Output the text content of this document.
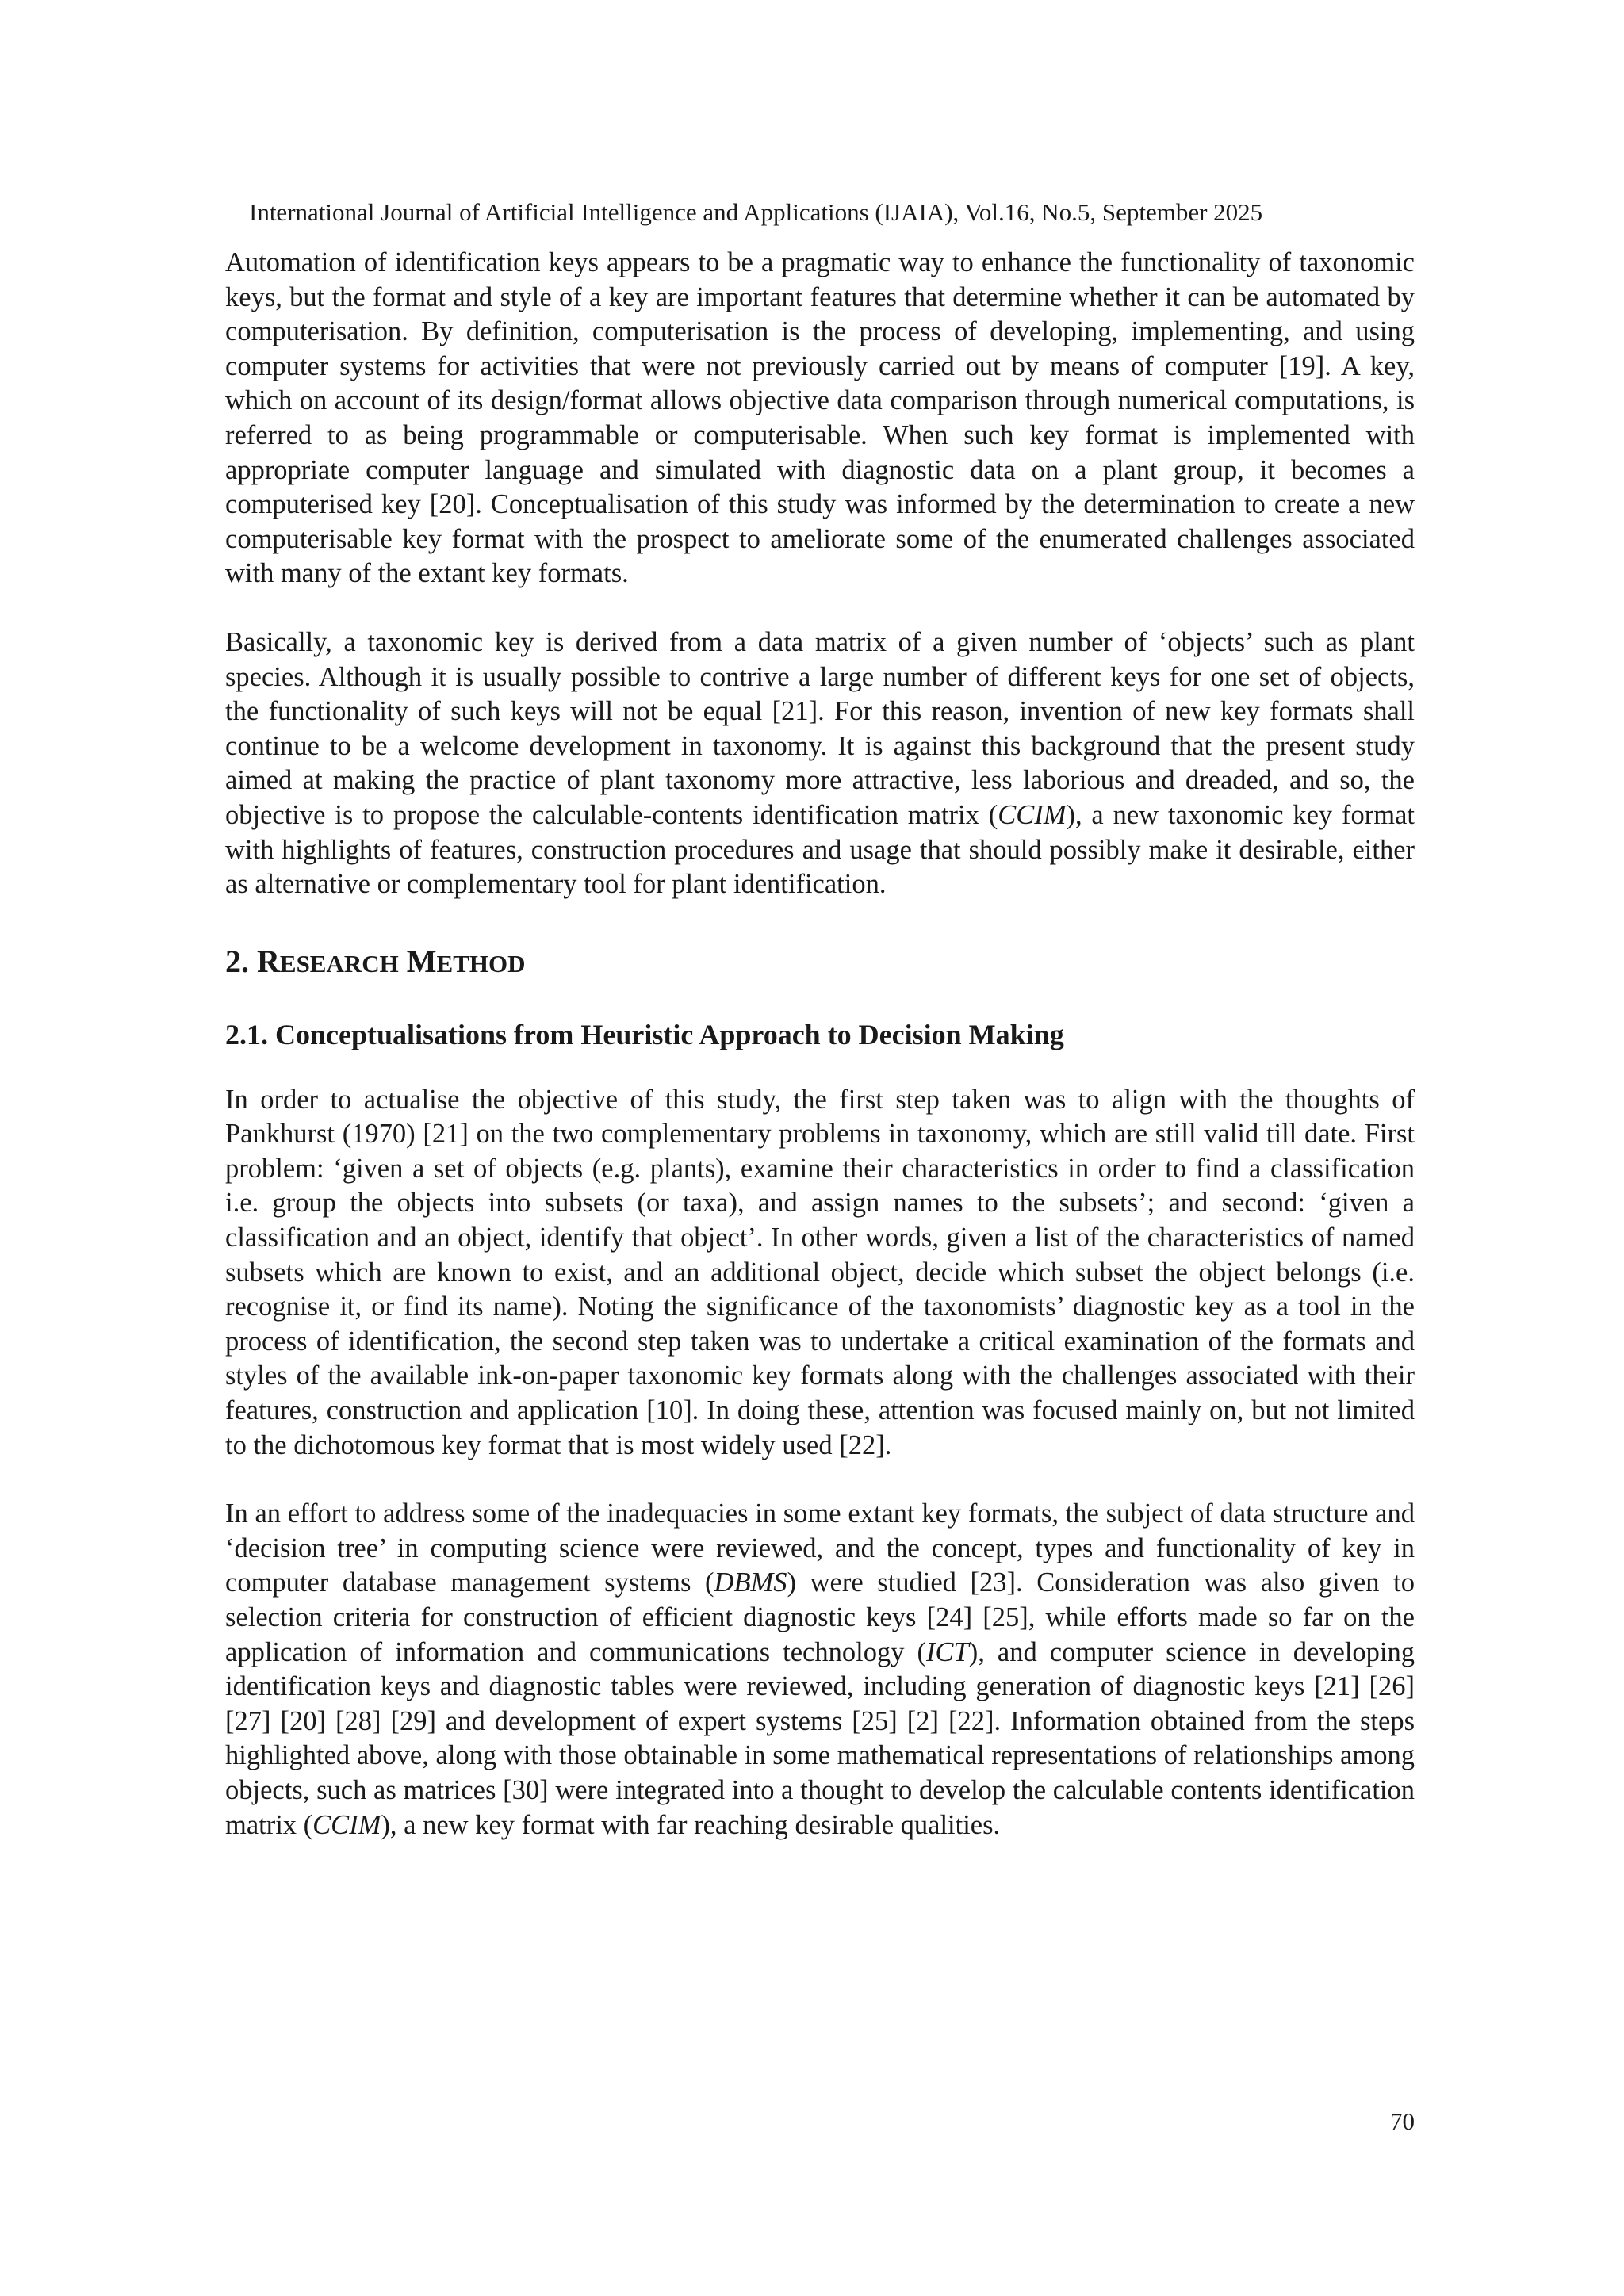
International Journal of Artificial Intelligence and Applications (IJAIA), Vol.16, No.5, September 2025

Automation of identification keys appears to be a pragmatic way to enhance the functionality of taxonomic keys, but the format and style of a key are important features that determine whether it can be automated by computerisation. By definition, computerisation is the process of developing, implementing, and using computer systems for activities that were not previously carried out by means of computer [19]. A key, which on account of its design/format allows objective data comparison through numerical computations, is referred to as being programmable or computerisable. When such key format is implemented with appropriate computer language and simulated with diagnostic data on a plant group, it becomes a computerised key [20]. Conceptualisation of this study was informed by the determination to create a new computerisable key format with the prospect to ameliorate some of the enumerated challenges associated with many of the extant key formats.

Basically, a taxonomic key is derived from a data matrix of a given number of ‘objects’ such as plant species. Although it is usually possible to contrive a large number of different keys for one set of objects, the functionality of such keys will not be equal [21]. For this reason, invention of new key formats shall continue to be a welcome development in taxonomy. It is against this background that the present study aimed at making the practice of plant taxonomy more attractive, less laborious and dreaded, and so, the objective is to propose the calculable-contents identification matrix (CCIM), a new taxonomic key format with highlights of features, construction procedures and usage that should possibly make it desirable, either as alternative or complementary tool for plant identification.

2. RESEARCH METHOD
2.1. Conceptualisations from Heuristic Approach to Decision Making

In order to actualise the objective of this study, the first step taken was to align with the thoughts of Pankhurst (1970) [21] on the two complementary problems in taxonomy, which are still valid till date. First problem: ‘given a set of objects (e.g. plants), examine their characteristics in order to find a classification i.e. group the objects into subsets (or taxa), and assign names to the subsets’; and second: ‘given a classification and an object, identify that object’. In other words, given a list of the characteristics of named subsets which are known to exist, and an additional object, decide which subset the object belongs (i.e. recognise it, or find its name). Noting the significance of the taxonomists’ diagnostic key as a tool in the process of identification, the second step taken was to undertake a critical examination of the formats and styles of the available ink-on-paper taxonomic key formats along with the challenges associated with their features, construction and application [10]. In doing these, attention was focused mainly on, but not limited to the dichotomous key format that is most widely used [22].

In an effort to address some of the inadequacies in some extant key formats, the subject of data structure and ‘decision tree’ in computing science were reviewed, and the concept, types and functionality of key in computer database management systems (DBMS) were studied [23]. Consideration was also given to selection criteria for construction of efficient diagnostic keys [24] [25], while efforts made so far on the application of information and communications technology (ICT), and computer science in developing identification keys and diagnostic tables were reviewed, including generation of diagnostic keys [21] [26] [27] [20] [28] [29] and development of expert systems [25] [2] [22]. Information obtained from the steps highlighted above, along with those obtainable in some mathematical representations of relationships among objects, such as matrices [30] were integrated into a thought to develop the calculable contents identification matrix (CCIM), a new key format with far reaching desirable qualities.

70
